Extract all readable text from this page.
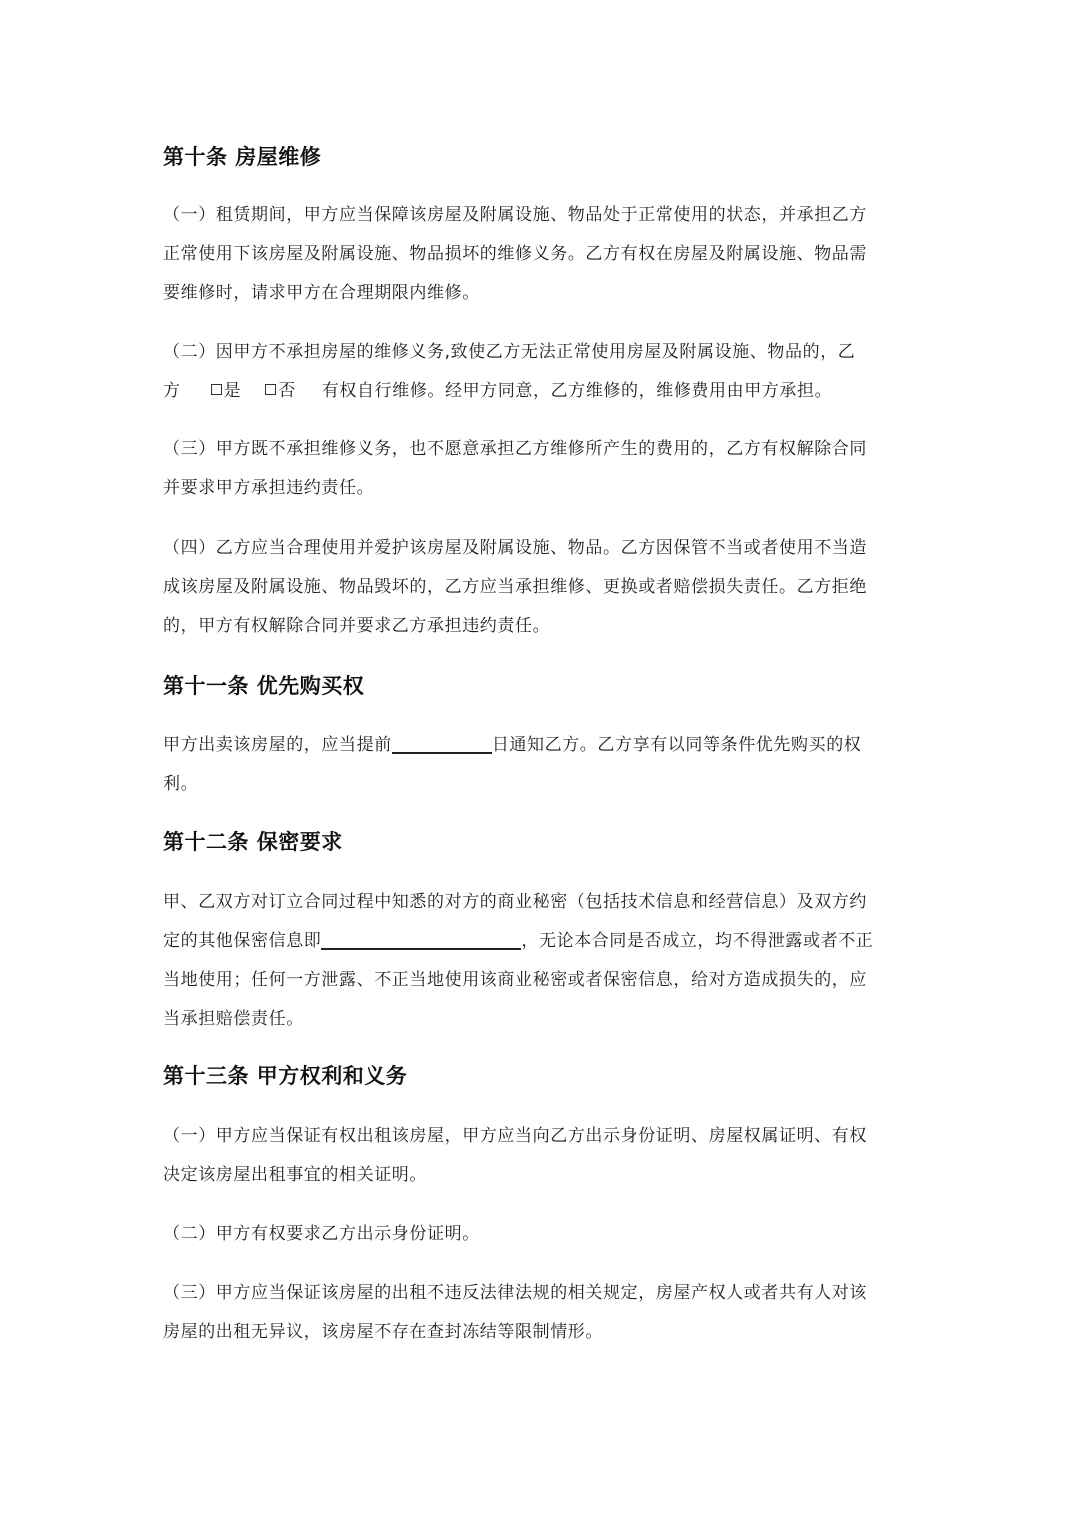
第十条 房屋维修
（一）租赁期间，甲方应当保障该房屋及附属设施、物品处于正常使用的状态，并承担乙方
正常使用下该房屋及附属设施、物品损坏的维修义务。乙方有权在房屋及附属设施、物品需
要维修时，请求甲方在合理期限内维修。
（二）因甲方不承担房屋的维修义务,致使乙方无法正常使用房屋及附属设施、物品的，乙
方	是 否 有权自行维修。经甲方同意，乙方维修的，维修费用由甲方承担。
（三）甲方既不承担维修义务，也不愿意承担乙方维修所产生的费用的，乙方有权解除合同
并要求甲方承担违约责任。
（四）乙方应当合理使用并爱护该房屋及附属设施、物品。乙方因保管不当或者使用不当造
成该房屋及附属设施、物品毁坏的，乙方应当承担维修、更换或者赔偿损失责任。乙方拒绝
的，甲方有权解除合同并要求乙方承担违约责任。
第十一条 优先购买权
甲方出卖该房屋的，应当提前	日通知乙方。乙方享有以同等条件优先购买的权
利。
第十二条 保密要求
甲、乙双方对订立合同过程中知悉的对方的商业秘密（包括技术信息和经营信息）及双方约
定的其他保密信息即	，无论本合同是否成立，均不得泄露或者不正
当地使用；任何一方泄露、不正当地使用该商业秘密或者保密信息，给对方造成损失的，应
当承担赔偿责任。
第十三条 甲方权利和义务
（一）甲方应当保证有权出租该房屋，甲方应当向乙方出示身份证明、房屋权属证明、有权
决定该房屋出租事宜的相关证明。
（二）甲方有权要求乙方出示身份证明。
（三）甲方应当保证该房屋的出租不违反法律法规的相关规定，房屋产权人或者共有人对该
房屋的出租无异议，该房屋不存在查封冻结等限制情形。
